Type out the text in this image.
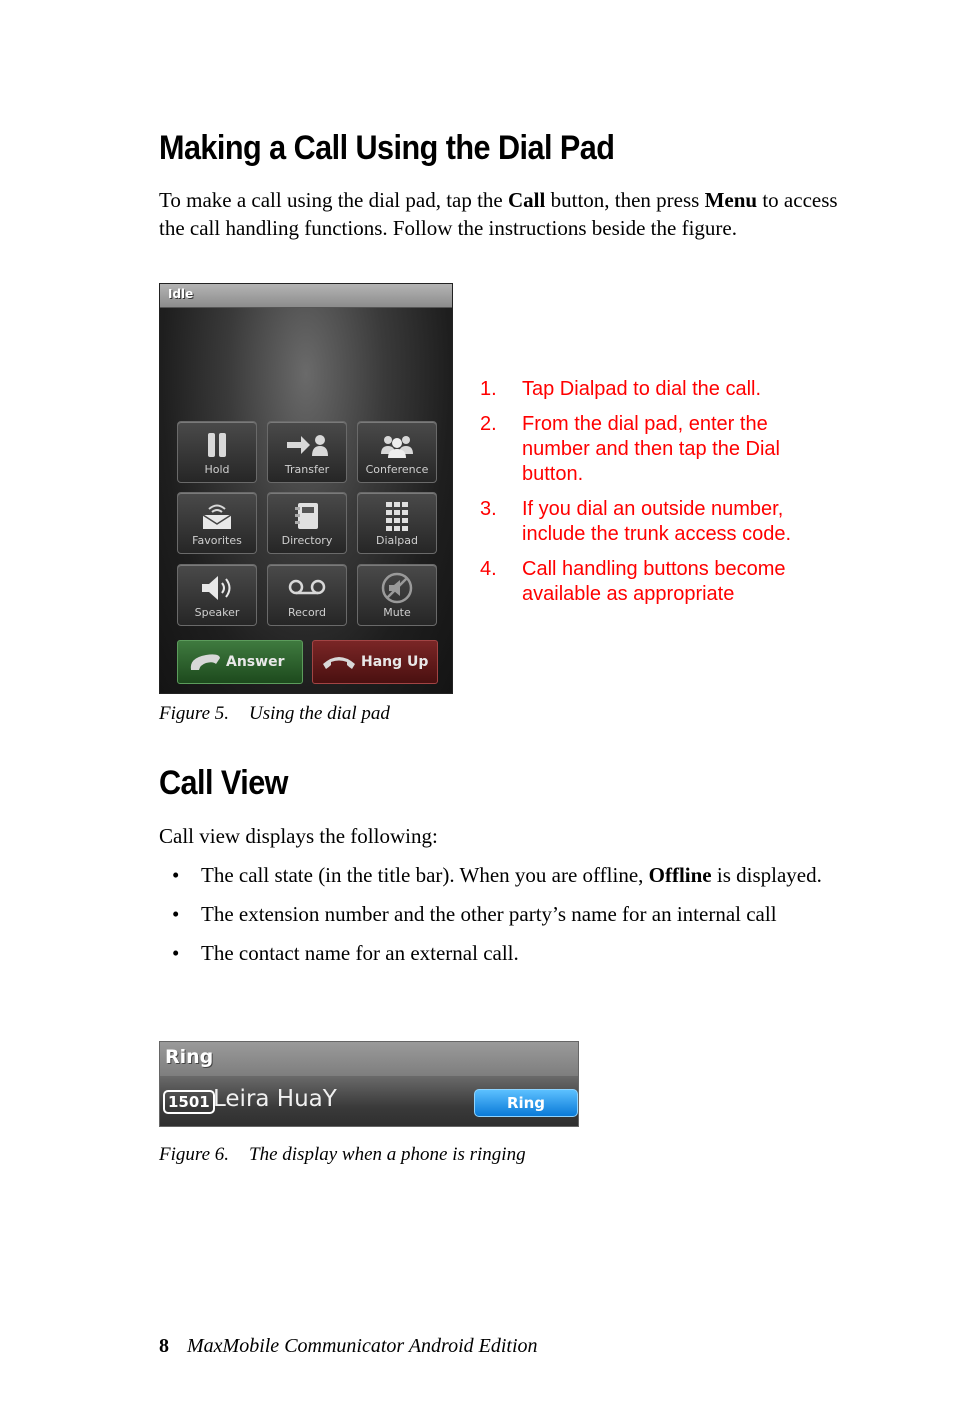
Making a Call Using the Dial Pad

To make a call using the dial pad, tap the Call button, then press Menu to access the call handling functions. Follow the instructions beside the figure.

Idle
Hold	Transfer	Conference
Favorites	Directory	Dialpad
Speaker	Record	Mute
Answer	Hang Up
1. Tap Dialpad to dial the call.
2. From the dial pad, enter the number and then tap the Dial button.
3. If you dial an outside number, include the trunk access code.
4. Call handling buttons become available as appropriate
Figure 5. Using the dial pad
Call View

Call view displays the following:

• The call state (in the title bar). When you are offline, Offline is displayed.
• The extension number and the other party’s name for an internal call
• The contact name for an external call.
Ring
1501 Leira HuaY	Ring
Figure 6. The display when a phone is ringing
8 MaxMobile Communicator Android Edition
